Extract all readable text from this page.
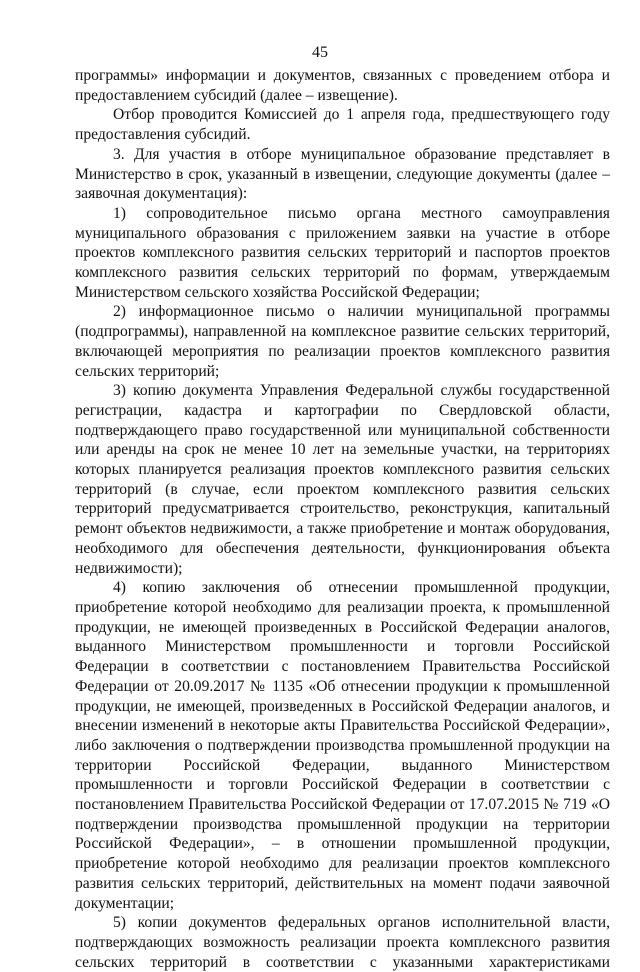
45

программы» информации и документов, связанных с проведением отбора и предоставлением субсидий (далее – извещение).

Отбор проводится Комиссией до 1 апреля года, предшествующего году предоставления субсидий.

3. Для участия в отборе муниципальное образование представляет в Министерство в срок, указанный в извещении, следующие документы (далее – заявочная документация):

1) сопроводительное письмо органа местного самоуправления муниципального образования с приложением заявки на участие в отборе проектов комплексного развития сельских территорий и паспортов проектов комплексного развития сельских территорий по формам, утверждаемым Министерством сельского хозяйства Российской Федерации;

2) информационное письмо о наличии муниципальной программы (подпрограммы), направленной на комплексное развитие сельских территорий, включающей мероприятия по реализации проектов комплексного развития сельских территорий;

3) копию документа Управления Федеральной службы государственной регистрации, кадастра и картографии по Свердловской области, подтверждающего право государственной или муниципальной собственности или аренды на срок не менее 10 лет на земельные участки, на территориях которых планируется реализация проектов комплексного развития сельских территорий (в случае, если проектом комплексного развития сельских территорий предусматривается строительство, реконструкция, капитальный ремонт объектов недвижимости, а также приобретение и монтаж оборудования, необходимого для обеспечения деятельности, функционирования объекта недвижимости);

4) копию заключения об отнесении промышленной продукции, приобретение которой необходимо для реализации проекта, к промышленной продукции, не имеющей произведенных в Российской Федерации аналогов, выданного Министерством промышленности и торговли Российской Федерации в соответствии с постановлением Правительства Российской Федерации от 20.09.2017 № 1135 «Об отнесении продукции к промышленной продукции, не имеющей, произведенных в Российской Федерации аналогов, и внесении изменений в некоторые акты Правительства Российской Федерации», либо заключения о подтверждении производства промышленной продукции на территории Российской Федерации, выданного Министерством промышленности и торговли Российской Федерации в соответствии с постановлением Правительства Российской Федерации от 17.07.2015 № 719 «О подтверждении производства промышленной продукции на территории Российской Федерации», – в отношении промышленной продукции, приобретение которой необходимо для реализации проектов комплексного развития сельских территорий, действительных на момент подачи заявочной документации;

5) копии документов федеральных органов исполнительной власти, подтверждающих возможность реализации проекта комплексного развития сельских территорий в соответствии с указанными характеристиками
